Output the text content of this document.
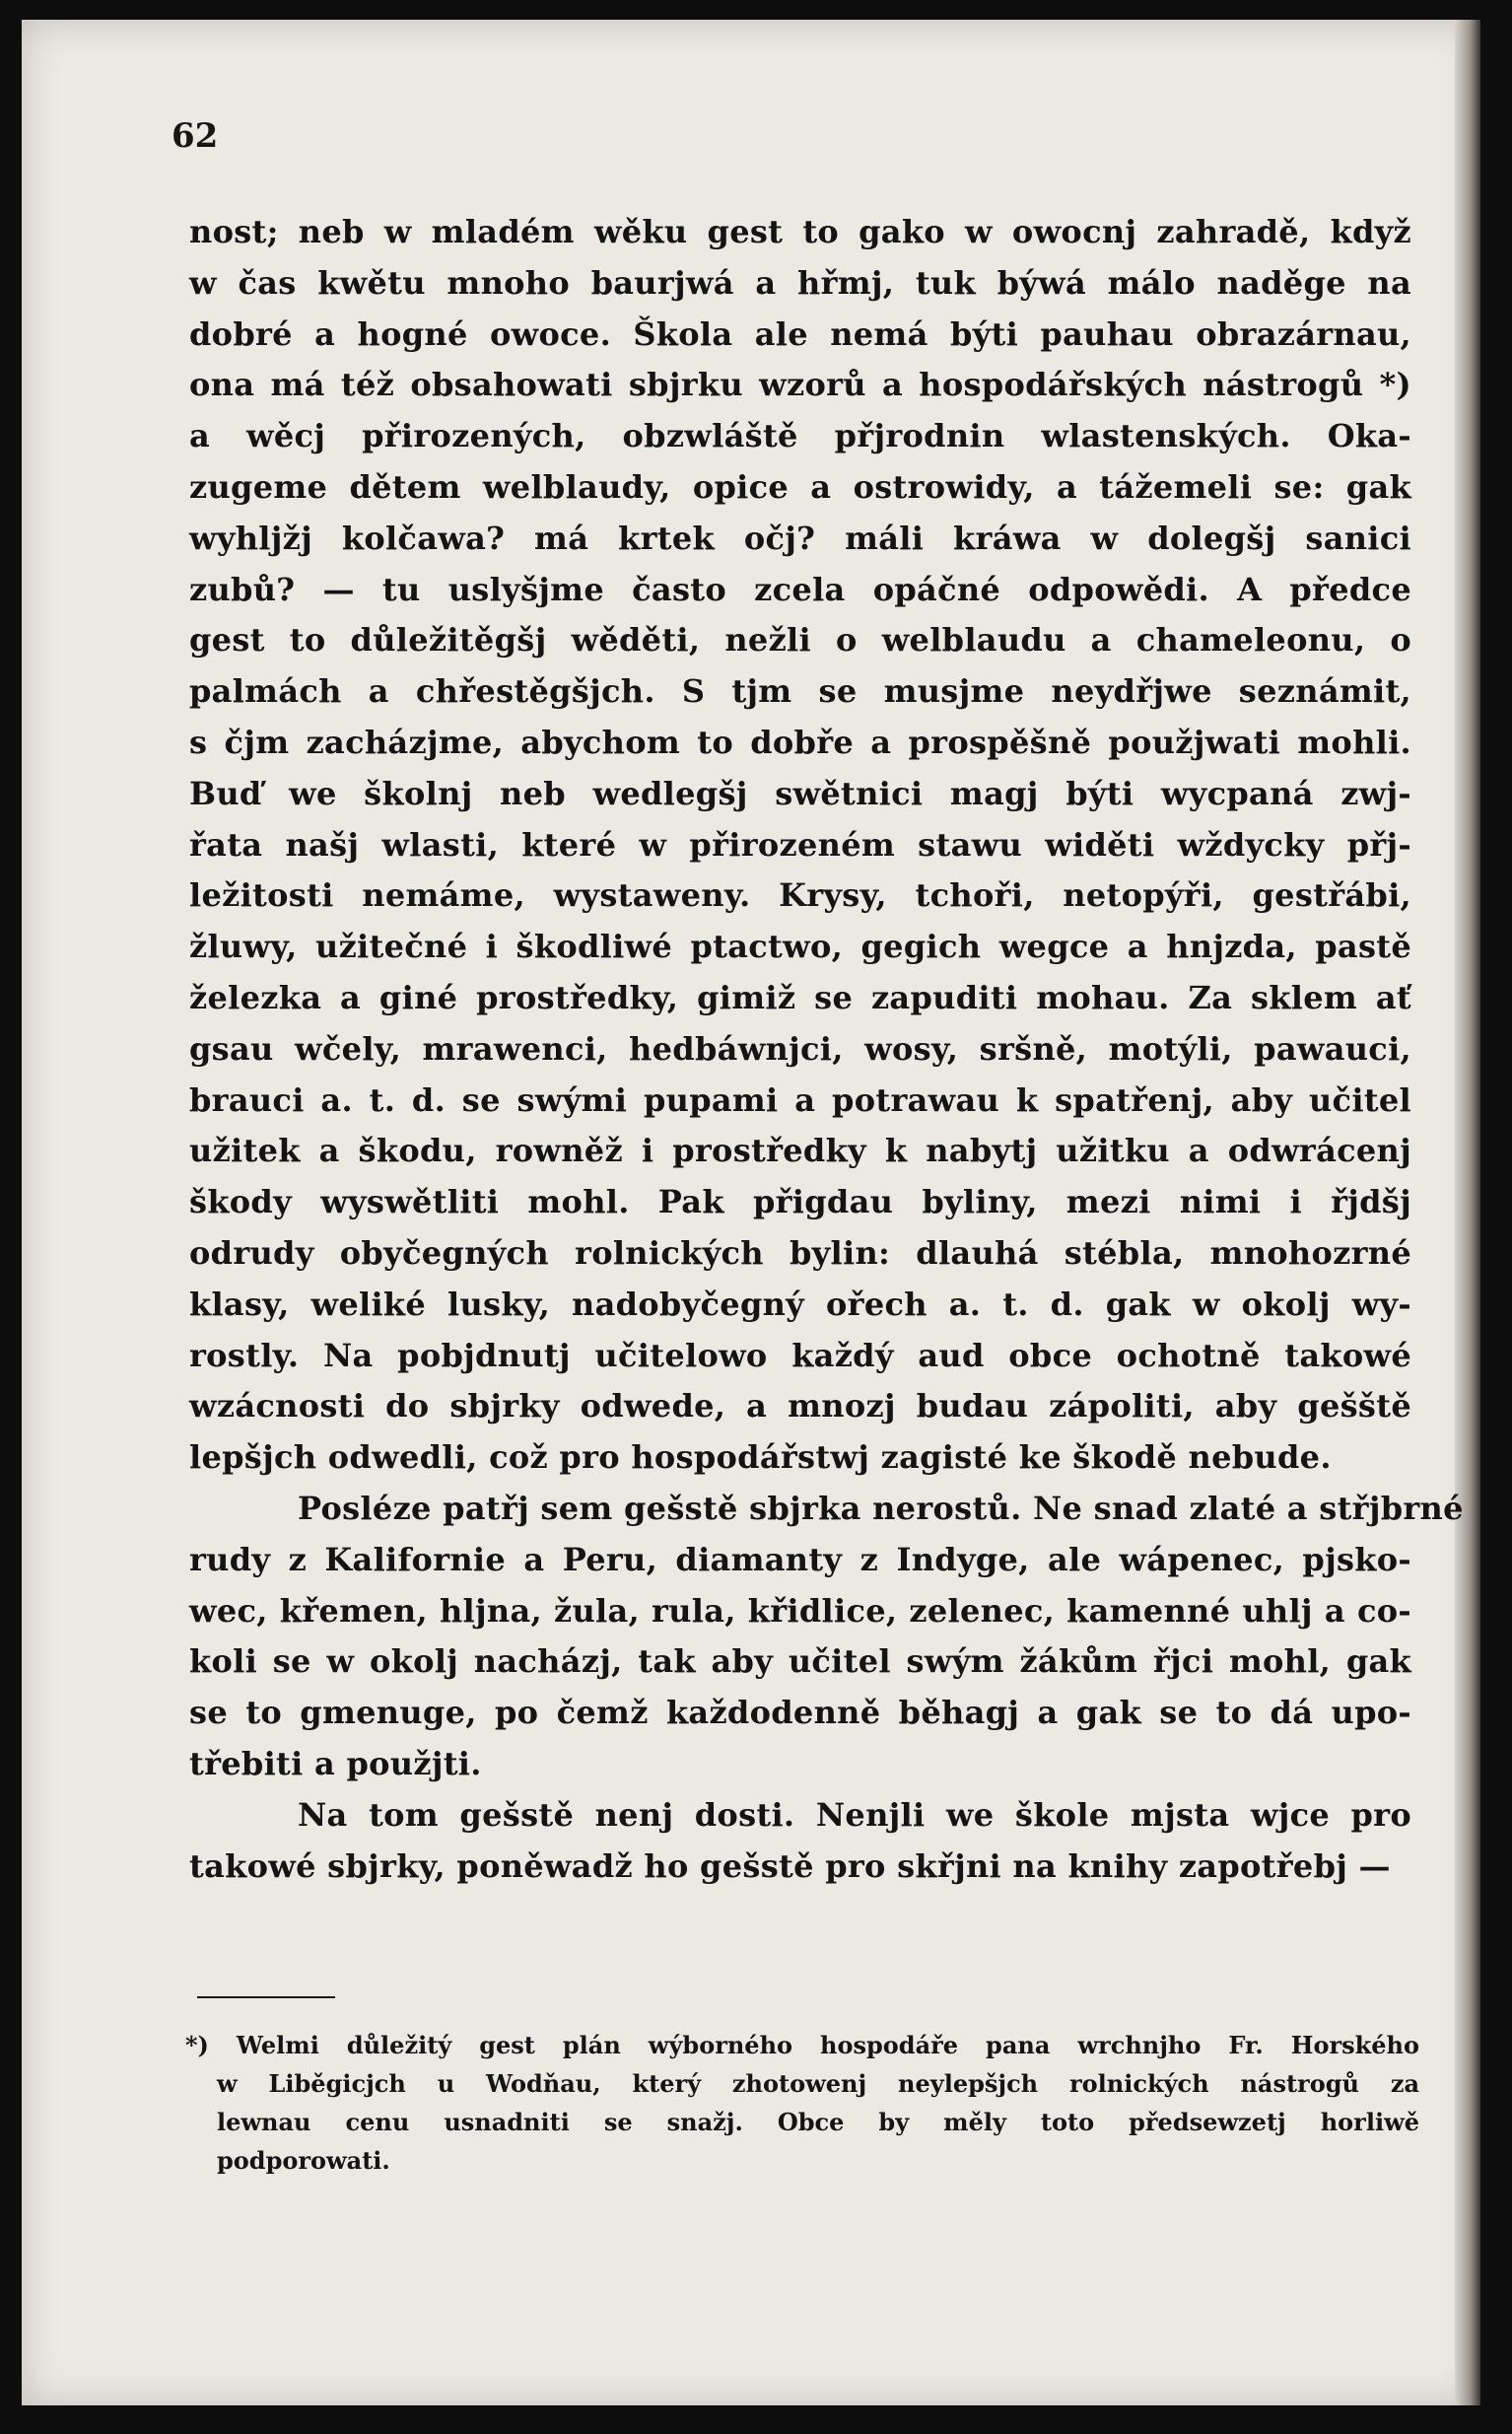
62
nost; neb w mladém wěku gest to gako w owocnj zahradě, když
w čas kwětu mnoho baurjwá a hřmj, tuk býwá málo naděge na
dobré a hogné owoce. Škola ale nemá býti pauhau obrazárnau,
ona má též obsahowati sbjrku wzorů a hospodářských nástrogů *)
a wěcj přirozených, obzwláště přjrodnin wlastenských. Oka-
zugeme dětem welblaudy, opice a ostrowidy, a tážemeli se: gak
wyhljžj kolčawa? má krtek očj? máli kráwa w dolegšj sanici
zubů? — tu uslyšjme často zcela opáčné odpowědi. A předce
gest to důležitěgšj wěděti, nežli o welblaudu a chameleonu, o
palmách a chřestěgšjch. S tjm se musjme neydřjwe seznámit,
s čjm zacházjme, abychom to dobře a prospěšně použjwati mohli.
Buď we školnj neb wedlegšj swětnici magj býti wycpaná zwj-
řata našj wlasti, které w přirozeném stawu widěti wždycky přj-
ležitosti nemáme, wystaweny. Krysy, tchoři, netopýři, gestřábi,
žluwy, užitečné i škodliwé ptactwo, gegich wegce a hnjzda, pastě
železka a giné prostředky, gimiž se zapuditi mohau. Za sklem ať
gsau wčely, mrawenci, hedbáwnjci, wosy, sršně, motýli, pawauci,
brauci a. t. d. se swými pupami a potrawau k spatřenj, aby učitel
užitek a škodu, rowněž i prostředky k nabytj užitku a odwrácenj
škody wyswětliti mohl. Pak přigdau byliny, mezi nimi i řjdšj
odrudy obyčegných rolnických bylin: dlauhá stébla, mnohozrné
klasy, weliké lusky, nadobyčegný ořech a. t. d. gak w okolj wy-
rostly. Na pobjdnutj učitelowo každý aud obce ochotně takowé
wzácnosti do sbjrky odwede, a mnozj budau zápoliti, aby gešště
lepšjch odwedli, což pro hospodářstwj zagisté ke škodě nebude.
Posléze patřj sem gešstě sbjrka nerostů. Ne snad zlaté a střjbrné
rudy z Kalifornie a Peru, diamanty z Indyge, ale wápenec, pjsko-
wec, křemen, hljna, žula, rula, křidlice, zelenec, kamenné uhlj a co-
koli se w okolj nacházj, tak aby učitel swým žákům řjci mohl, gak
se to gmenuge, po čemž každodenně běhagj a gak se to dá upo-
třebiti a použjti.
Na tom gešstě nenj dosti. Nenjli we škole mjsta wjce pro
takowé sbjrky, poněwadž ho gešstě pro skřjni na knihy zapotřebj —
*) Welmi důležitý gest plán wýborného hospodáře pana wrchnjho Fr. Horského
w Liběgicjch u Wodňau, který zhotowenj neylepšjch rolnických nástrogů za
lewnau cenu usnadniti se snažj. Obce by měly toto předsewzetj horliwě
podporowati.
